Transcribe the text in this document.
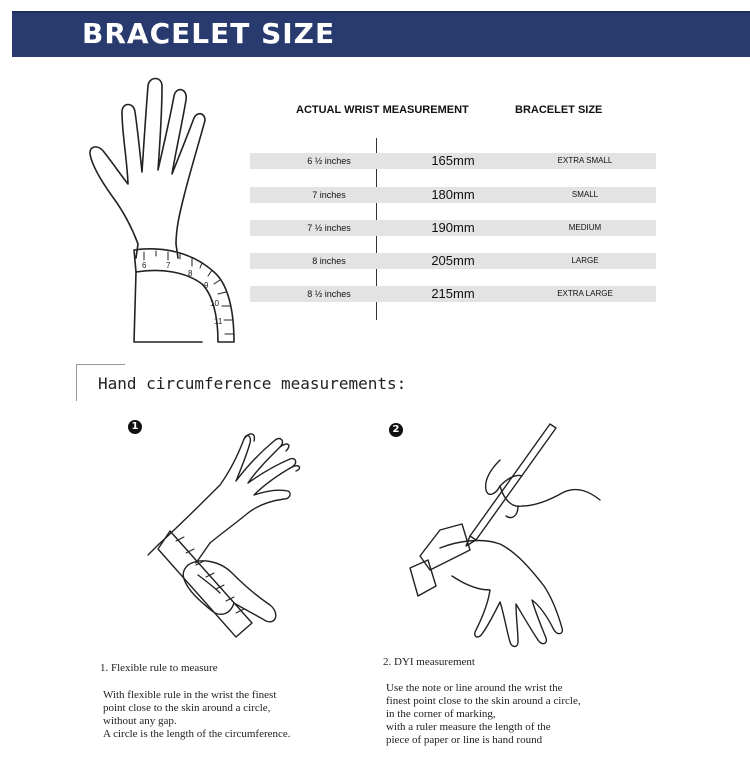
BRACELET SIZE
6 7
8
9
10
11
ACTUAL WRIST MEASUREMENT	BRACELET SIZE
6 ½ inches	165mm	EXTRA SMALL
7 inches	180mm	SMALL
7 ½ inches	190mm	MEDIUM
8 inches	205mm	LARGE
8 ½ inches	215mm	EXTRA LARGE
Hand circumference measurements:
1
1. Flexible rule to measure
With flexible rule in the wrist the finest
point close to the skin around a circle,
without any gap.
A circle is the length of the circumference.
2
2. DYI measurement
Use the note or line around the wrist the
finest point close to the skin around a circle,
in the corner of marking,
with a ruler measure the length of the
piece of paper or line is hand round
